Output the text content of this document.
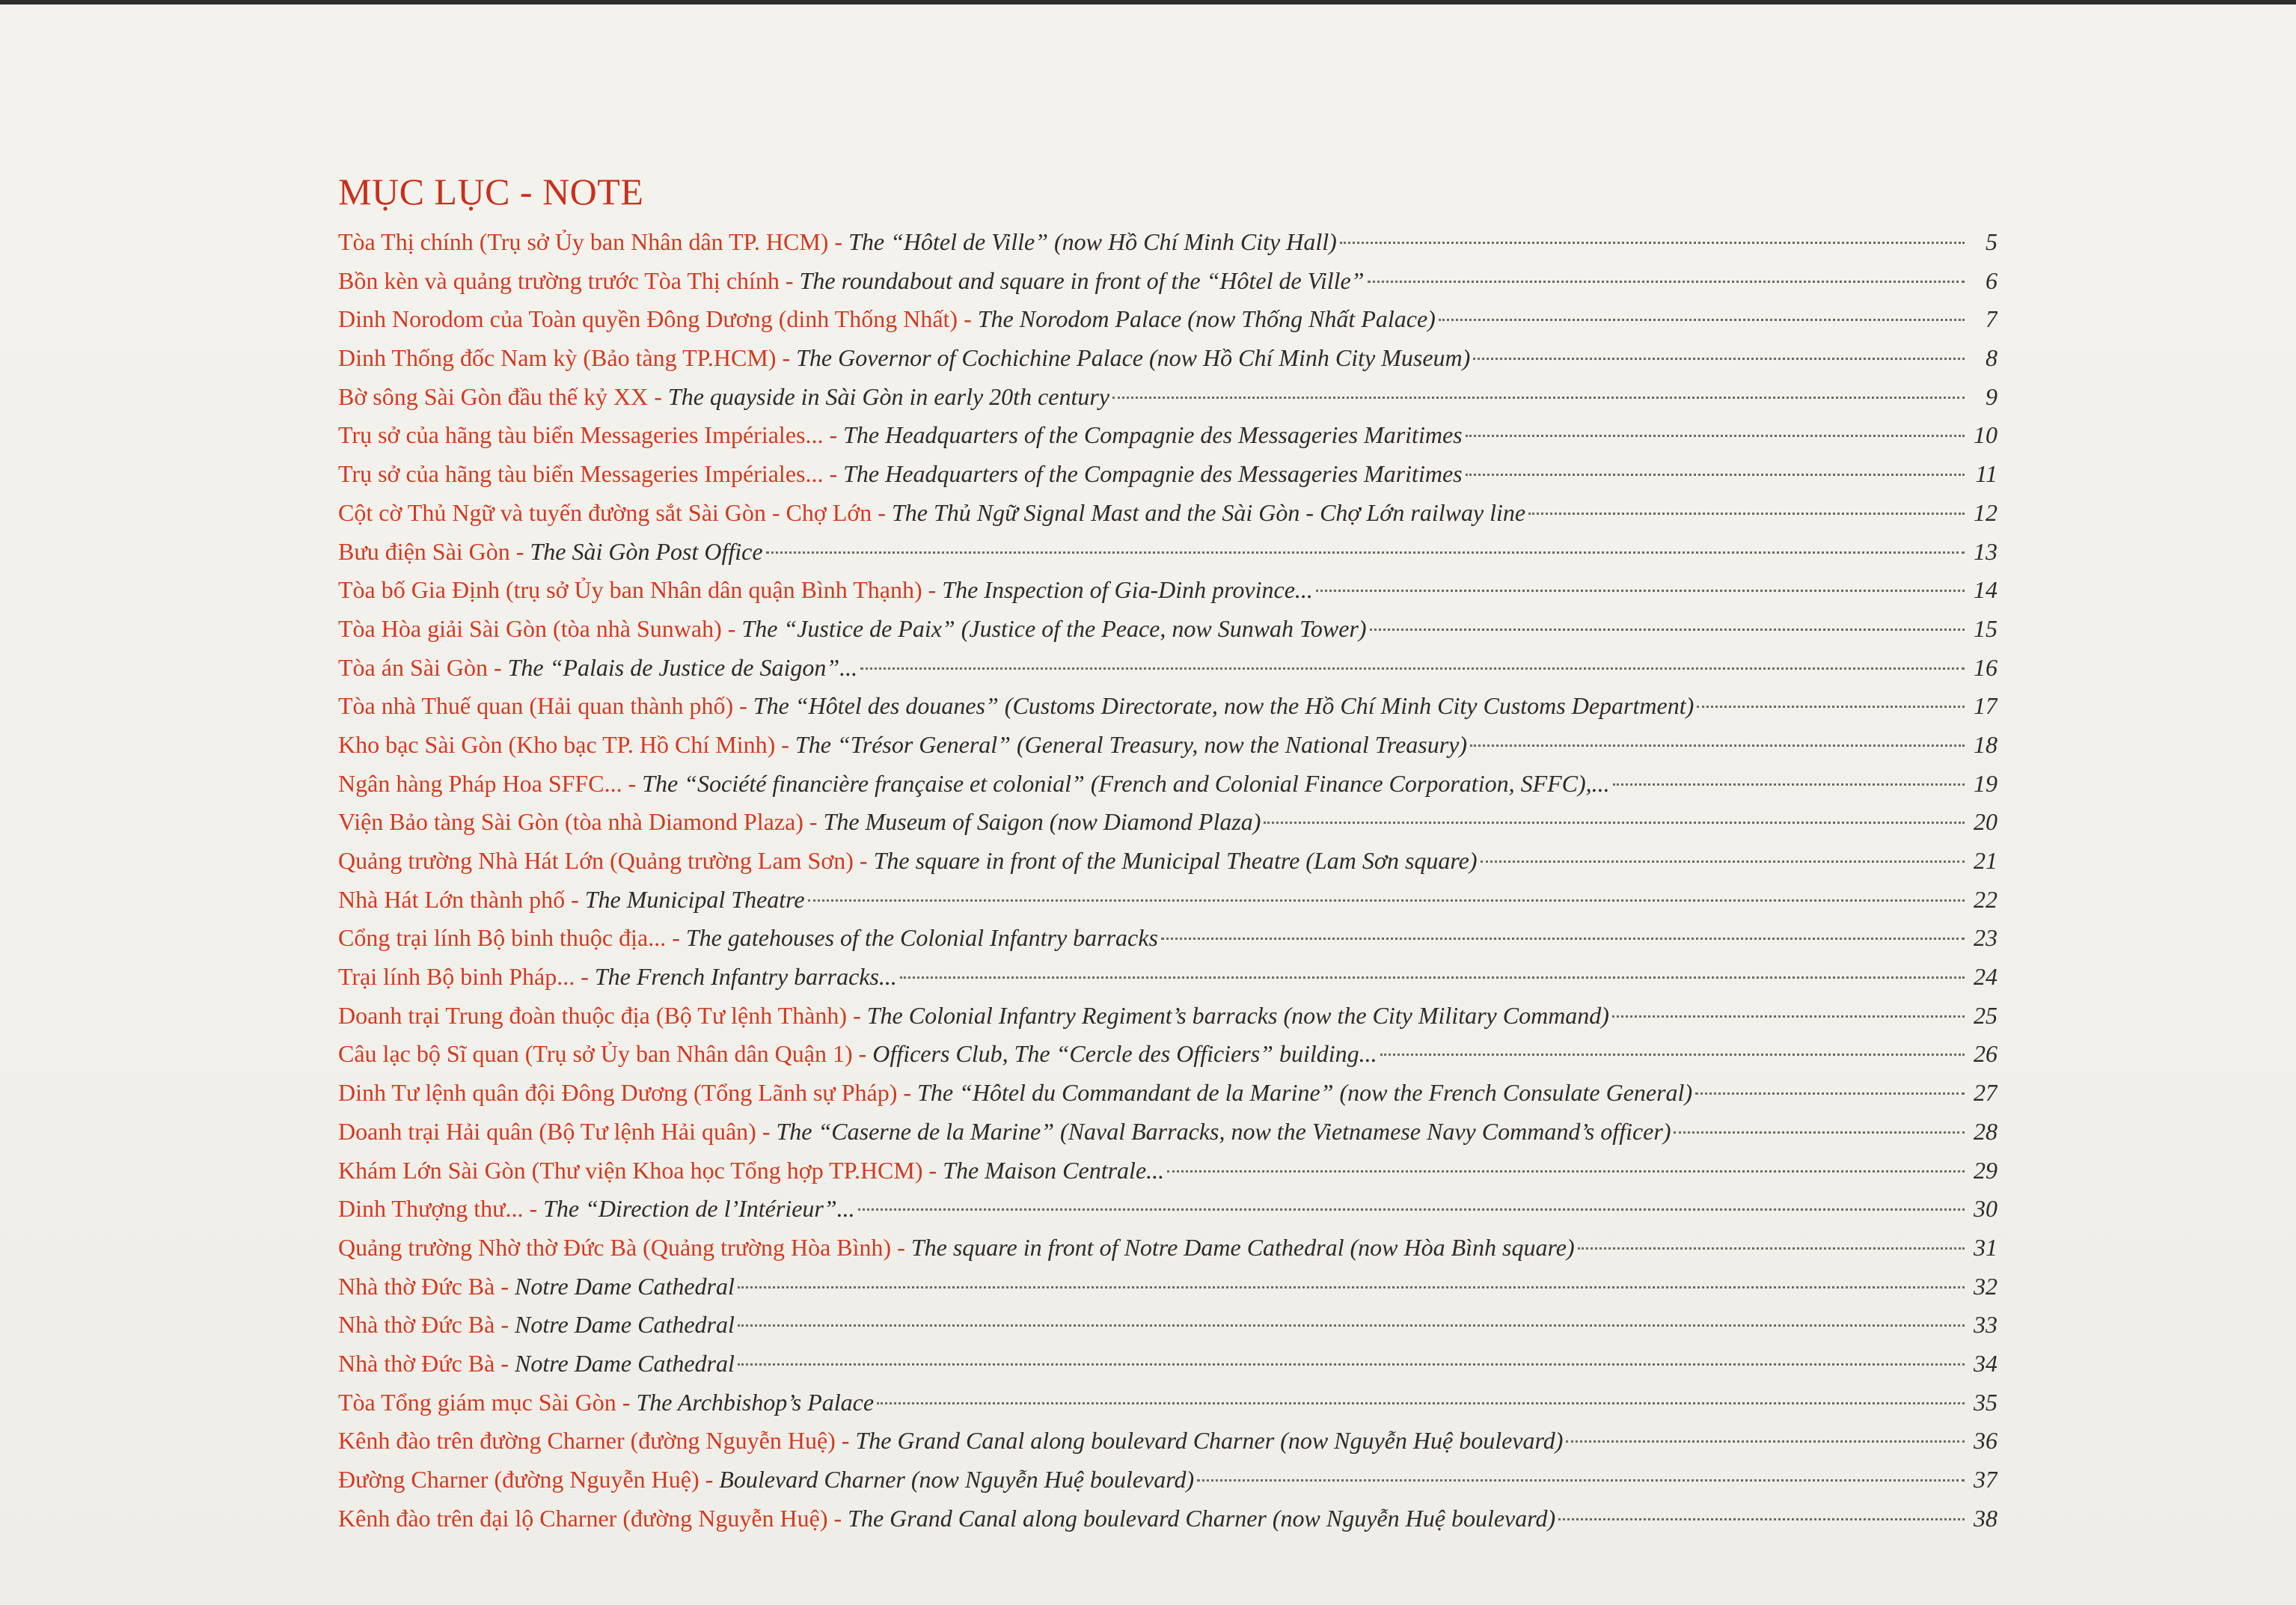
MỤC LỤC - NOTE
Tòa Thị chính (Trụ sở Ủy ban Nhân dân TP. HCM) - The “Hôtel de Ville” (now Hồ Chí Minh City Hall)	5
Bồn kèn và quảng trường trước Tòa Thị chính - The roundabout and square in front of the “Hôtel de Ville”	6
Dinh Norodom của Toàn quyền Đông Dương (dinh Thống Nhất) - The Norodom Palace (now Thống Nhất Palace)	7
Dinh Thống đốc Nam kỳ (Bảo tàng TP.HCM) - The Governor of Cochichine Palace (now Hồ Chí Minh City Museum)	8
Bờ sông Sài Gòn đầu thế kỷ XX - The quayside in Sài Gòn in early 20th century	9
Trụ sở của hãng tàu biển Messageries Impériales... - The Headquarters of the Compagnie des Messageries Maritimes	10
Trụ sở của hãng tàu biển Messageries Impériales... - The Headquarters of the Compagnie des Messageries Maritimes	11
Cột cờ Thủ Ngữ và tuyến đường sắt Sài Gòn - Chợ Lớn - The Thủ Ngữ Signal Mast and the Sài Gòn - Chợ Lớn railway line	12
Bưu điện Sài Gòn - The Sài Gòn Post Office	13
Tòa bố Gia Định (trụ sở Ủy ban Nhân dân quận Bình Thạnh) - The Inspection of Gia-Dinh province...	14
Tòa Hòa giải Sài Gòn (tòa nhà Sunwah) - The “Justice de Paix” (Justice of the Peace, now Sunwah Tower)	15
Tòa án Sài Gòn - The “Palais de Justice de Saigon”...	16
Tòa nhà Thuế quan (Hải quan thành phố) - The “Hôtel des douanes” (Customs Directorate, now the Hồ Chí Minh City Customs Department)	17
Kho bạc Sài Gòn (Kho bạc TP. Hồ Chí Minh) - The “Trésor General” (General Treasury, now the National Treasury)	18
Ngân hàng Pháp Hoa SFFC... - The “Société financière française et colonial” (French and Colonial Finance Corporation, SFFC),...	19
Viện Bảo tàng Sài Gòn (tòa nhà Diamond Plaza) - The Museum of Saigon (now Diamond Plaza)	20
Quảng trường Nhà Hát Lớn (Quảng trường Lam Sơn) - The square in front of the Municipal Theatre (Lam Sơn square)	21
Nhà Hát Lớn thành phố - The Municipal Theatre	22
Cổng trại lính Bộ binh thuộc địa... - The gatehouses of the Colonial Infantry barracks	23
Trại lính Bộ binh Pháp... - The French Infantry barracks...	24
Doanh trại Trung đoàn thuộc địa (Bộ Tư lệnh Thành) - The Colonial Infantry Regiment’s barracks (now the City Military Command)	25
Câu lạc bộ Sĩ quan (Trụ sở Ủy ban Nhân dân Quận 1) - Officers Club, The “Cercle des Officiers” building...	26
Dinh Tư lệnh quân đội Đông Dương (Tổng Lãnh sự Pháp) - The “Hôtel du Commandant de la Marine” (now the French Consulate General)	27
Doanh trại Hải quân (Bộ Tư lệnh Hải quân) - The “Caserne de la Marine” (Naval Barracks, now the Vietnamese Navy Command’s officer)	28
Khám Lớn Sài Gòn (Thư viện Khoa học Tổng hợp TP.HCM) - The Maison Centrale...	29
Dinh Thượng thư... - The “Direction de l’Intérieur”...	30
Quảng trường Nhờ thờ Đức Bà (Quảng trường Hòa Bình) - The square in front of Notre Dame Cathedral (now Hòa Bình square)	31
Nhà thờ Đức Bà - Notre Dame Cathedral	32
Nhà thờ Đức Bà - Notre Dame Cathedral	33
Nhà thờ Đức Bà - Notre Dame Cathedral	34
Tòa Tổng giám mục Sài Gòn - The Archbishop’s Palace	35
Kênh đào trên đường Charner (đường Nguyễn Huệ) - The Grand Canal along boulevard Charner (now Nguyễn Huệ boulevard)	36
Đường Charner (đường Nguyễn Huệ) - Boulevard Charner (now Nguyễn Huệ boulevard)	37
Kênh đào trên đại lộ Charner (đường Nguyễn Huệ) - The Grand Canal along boulevard Charner (now Nguyễn Huệ boulevard)	38
